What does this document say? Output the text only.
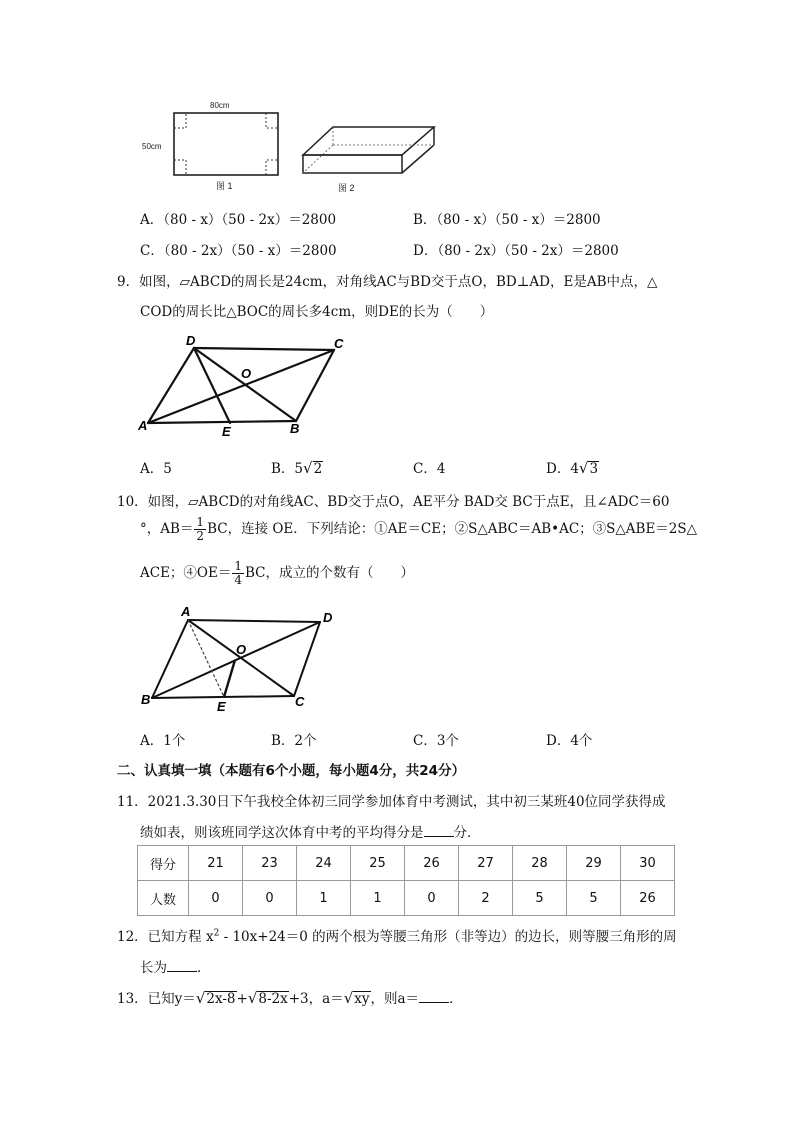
80cm
50cm
图 1	图 2
A．（80 - x）（50 - 2x）＝2800	B．（80 - x）（50 - x）＝2800
C．（80 - 2x）（50 - x）＝2800	D．（80 - 2x）（50 - 2x）＝2800
9．如图，▱ABCD的周长是24cm，对角线AC与BD交于点O，BD⊥AD，E是AB中点，△
COD的周长比△BOC的周长多4cm，则DE的长为（　　）
D	C
O
A	E	B
A．5	B．5√2	C．4	D．4√3
10．如图，▱ABCD的对角线AC、BD交于点O，AE平分 BAD交 BC于点E，且∠ADC＝60
°，$AB= \frac{1}{2}$ BC，连接 OE．下列结论：①AE＝CE；②S△ABC＝AB•AC；③S△ABE＝2S△
ACE；④OE＝ $\frac{1}{4}$ BC，成立的个数有（　　）
A	D
O
B	E	C
A．1个	B．2个	C．3个	D．4个
二、认真填一填（本题有6个小题，每小题4分，共24分）
11．2021.3.30日下午我校全体初三同学参加体育中考测试，其中初三某班40位同学获得成
绩如表，则该班同学这次体育中考的平均得分是 分．
得分	21	23	24	25	26	27	28	29	30
人数	0	0	1	1	0	2	5	5	26
12．已知方程 $x^2 - 10x+24=0$ 的两个根为等腰三角形（非等边）的边长，则等腰三角形的周
长为 ．
13．已知y＝√2x-8+√8-2x+3，a＝√xy，则a＝ ．
